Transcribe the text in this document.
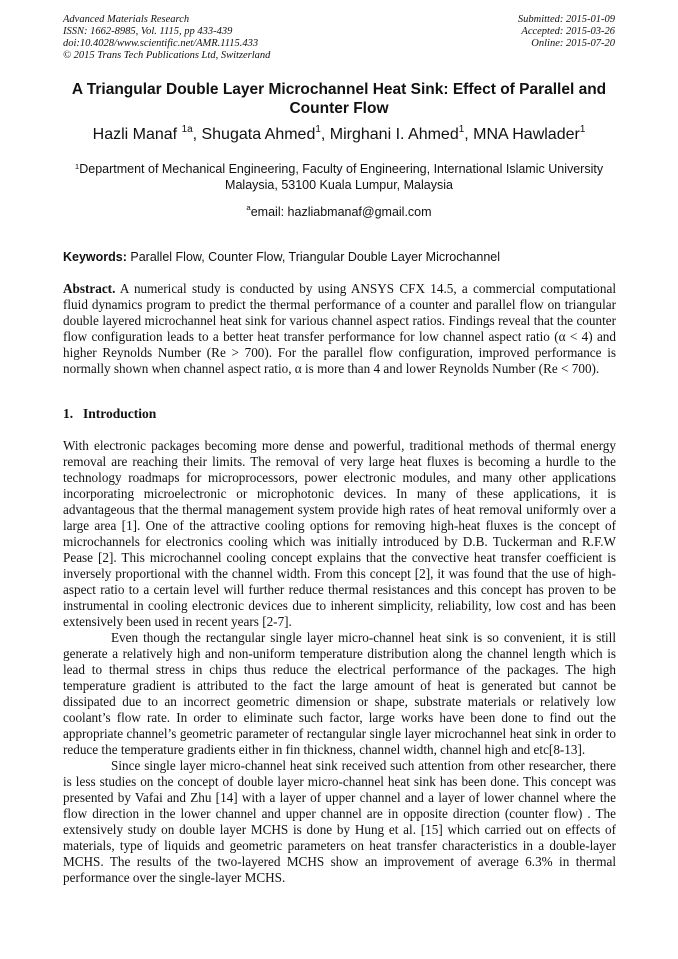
Advanced Materials Research
ISSN: 1662-8985, Vol. 1115, pp 433-439
doi:10.4028/www.scientific.net/AMR.1115.433
© 2015 Trans Tech Publications Ltd, Switzerland
Submitted: 2015-01-09
Accepted: 2015-03-26
Online: 2015-07-20
A Triangular Double Layer Microchannel Heat Sink: Effect of Parallel and
Counter Flow
Hazli Manaf $^{1a}$, Shugata Ahmed$^1$, Mirghani I. Ahmed$^1$, MNA Hawlader$^1$
$^1$Department of Mechanical Engineering, Faculty of Engineering, International Islamic University
Malaysia, 53100 Kuala Lumpur, Malaysia
$^a$email: hazliabmanaf@gmail.com
Keywords: Parallel Flow, Counter Flow, Triangular Double Layer Microchannel
Abstract. A numerical study is conducted by using ANSYS CFX 14.5, a commercial computational fluid dynamics program to predict the thermal performance of a counter and parallel flow on triangular double layered microchannel heat sink for various channel aspect ratios. Findings reveal that the counter flow configuration leads to a better heat transfer performance for low channel aspect ratio (α < 4) and higher Reynolds Number (Re > 700). For the parallel flow configuration, improved performance is normally shown when channel aspect ratio, α is more than 4 and lower Reynolds Number (Re < 700).
1. Introduction

With electronic packages becoming more dense and powerful, traditional methods of thermal energy removal are reaching their limits. The removal of very large heat fluxes is becoming a hurdle to the technology roadmaps for microprocessors, power electronic modules, and many other applications incorporating microelectronic or microphotonic devices. In many of these applications, it is advantageous that the thermal management system provide high rates of heat removal uniformly over a large area [1]. One of the attractive cooling options for removing high-heat fluxes is the concept of microchannels for electronics cooling which was initially introduced by D.B. Tuckerman and R.F.W Pease [2]. This microchannel cooling concept explains that the convective heat transfer coefficient is inversely proportional with the channel width. From this concept [2], it was found that the use of high-aspect ratio to a certain level will further reduce thermal resistances and this concept has proven to be instrumental in cooling electronic devices due to inherent simplicity, reliability, low cost and has been extensively been used in recent years [2-7].

Even though the rectangular single layer micro-channel heat sink is so convenient, it is still generate a relatively high and non-uniform temperature distribution along the channel length which is lead to thermal stress in chips thus reduce the electrical performance of the packages. The high temperature gradient is attributed to the fact the large amount of heat is generated but cannot be dissipated due to an incorrect geometric dimension or shape, substrate materials or relatively low coolant’s flow rate. In order to eliminate such factor, large works have been done to find out the appropriate channel’s geometric parameter of rectangular single layer microchannel heat sink in order to reduce the temperature gradients either in fin thickness, channel width, channel high and etc[8-13].

Since single layer micro-channel heat sink received such attention from other researcher, there is less studies on the concept of double layer micro-channel heat sink has been done. This concept was presented by Vafai and Zhu [14] with a layer of upper channel and a layer of lower channel where the flow direction in the lower channel and upper channel are in opposite direction (counter flow) . The extensively study on double layer MCHS is done by Hung et al. [15] which carried out on effects of materials, type of liquids and geometric parameters on heat transfer characteristics in a double-layer MCHS. The results of the two-layered MCHS show an improvement of average 6.3% in thermal performance over the single-layer MCHS.
